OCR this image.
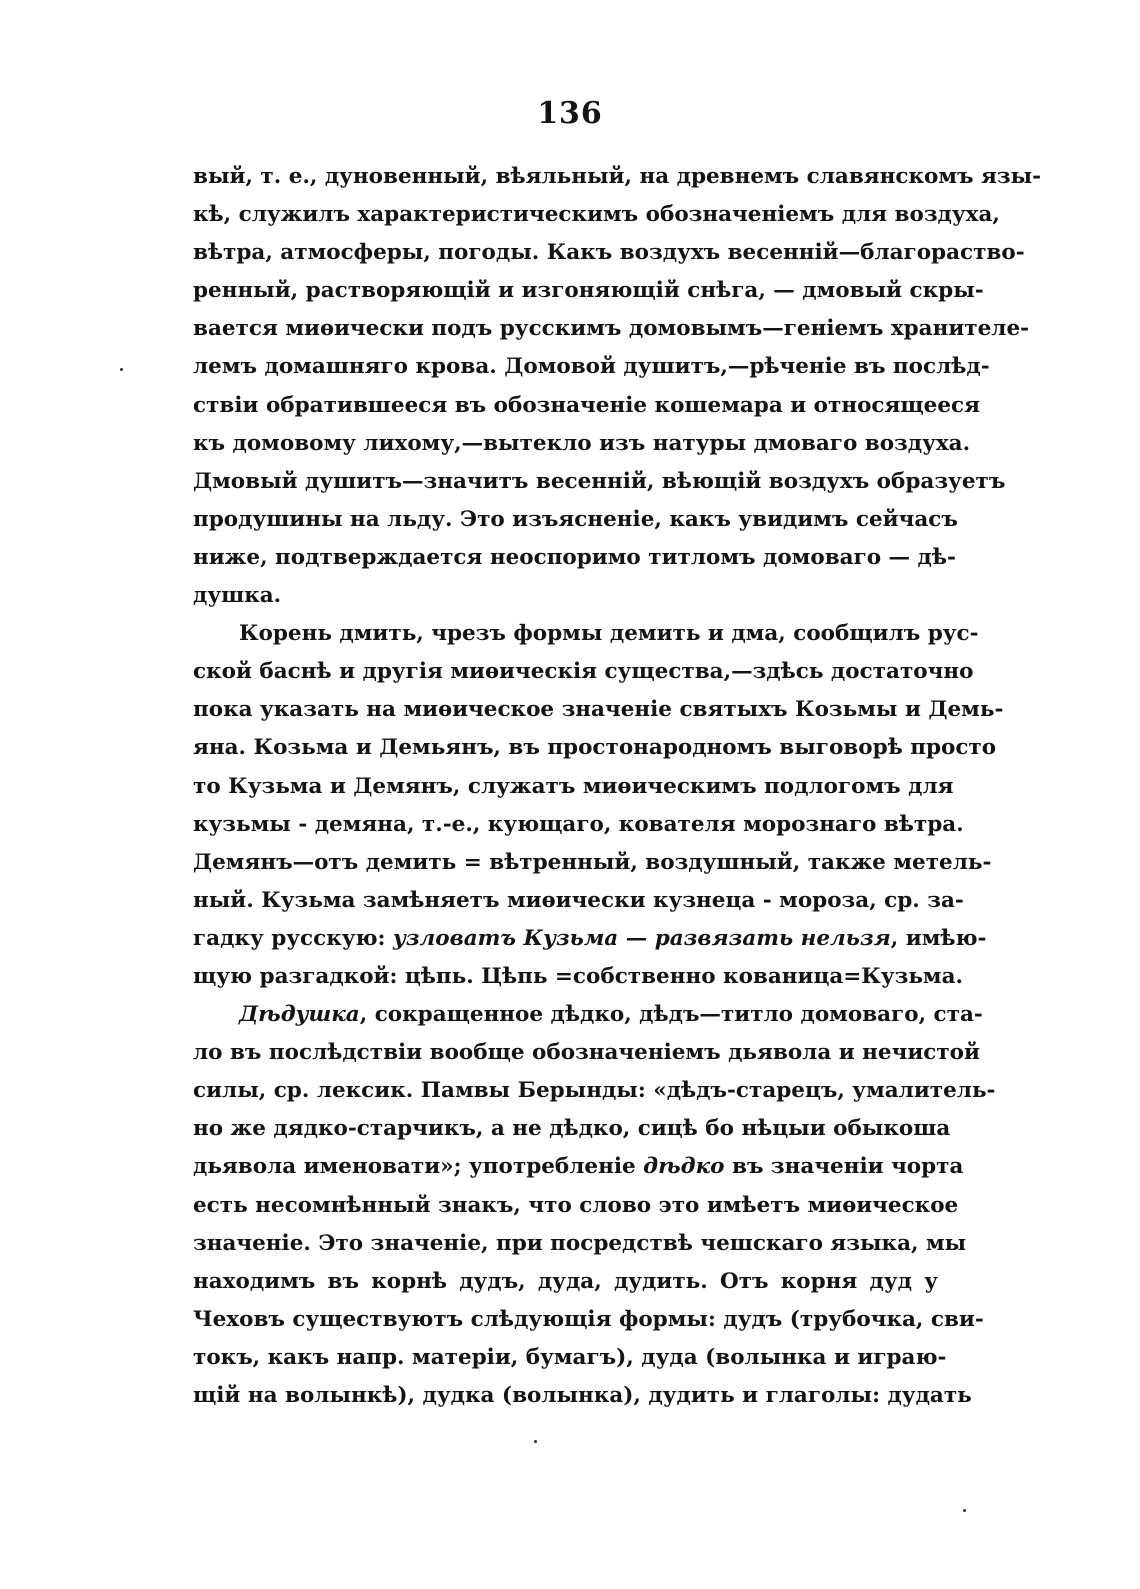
136
вый, т. е., дуновенный, вѣяльный, на древнемъ славянскомъ язы-
кѣ, служилъ характеристическимъ обозначеніемъ для воздуха,
вѣтра, атмосферы, погоды. Какъ воздухъ весенній—благораство-
ренный, растворяющій и изгоняющій снѣга, — дмовый скры-
вается миѳически подъ русскимъ домовымъ—геніемъ хранителе-
лемъ домашняго крова. Домовой душитъ,—рѣченіе въ послѣд-
ствіи обратившееся въ обозначеніе кошемара и относящееся
къ домовому лихому,—вытекло изъ натуры дмоваго воздуха.
Дмовый душитъ—значитъ весенній, вѣющій воздухъ образуетъ
продушины на льду. Это изъясненіе, какъ увидимъ сейчасъ
ниже, подтверждается неоспоримо титломъ домоваго — дѣ-
душка.
Корень дмить, чрезъ формы демить и дма, сообщилъ рус-
ской баснѣ и другія миѳическія существа,—здѣсь достаточно
пока указать на миѳическое значеніе святыхъ Козьмы и Демь-
яна. Козьма и Демьянъ, въ простонародномъ выговорѣ просто
то Кузьма и Демянъ, служатъ миѳическимъ подлогомъ для
кузьмы - демяна, т.-е., кующаго, кователя морознаго вѣтра.
Демянъ—отъ демить = вѣтренный, воздушный, также метель-
ный. Кузьма замѣняетъ миѳически кузнеца - мороза, ср. за-
гадку русскую: узловатъ Кузьма — развязать нельзя, имѣю-
щую разгадкой: цѣпь. Цѣпь =собственно кованица=Кузьма.
Дѣдушка, сокращенное дѣдко, дѣдъ—титло домоваго, ста-
ло въ послѣдствіи вообще обозначеніемъ дьявола и нечистой
силы, ср. лексик. Памвы Берынды: «дѣдъ-старецъ, умалитель-
но же дядко-старчикъ, а не дѣдко, сицѣ бо нѣцыи обыкоша
дьявола именовати»; употребленіе дѣдко въ значеніи чорта
есть несомнѣнный знакъ, что слово это имѣетъ миѳическое
значеніе. Это значеніе, при посредствѣ чешскаго языка, мы
находимъ въ корнѣ дудъ, дуда, дудить. Отъ корня дуд у
Чеховъ существуютъ слѣдующія формы: дудъ (трубочка, сви-
токъ, какъ напр. матеріи, бумагъ), дуда (волынка и играю-
щій на волынкѣ), дудка (волынка), дудить и глаголы: дудать
